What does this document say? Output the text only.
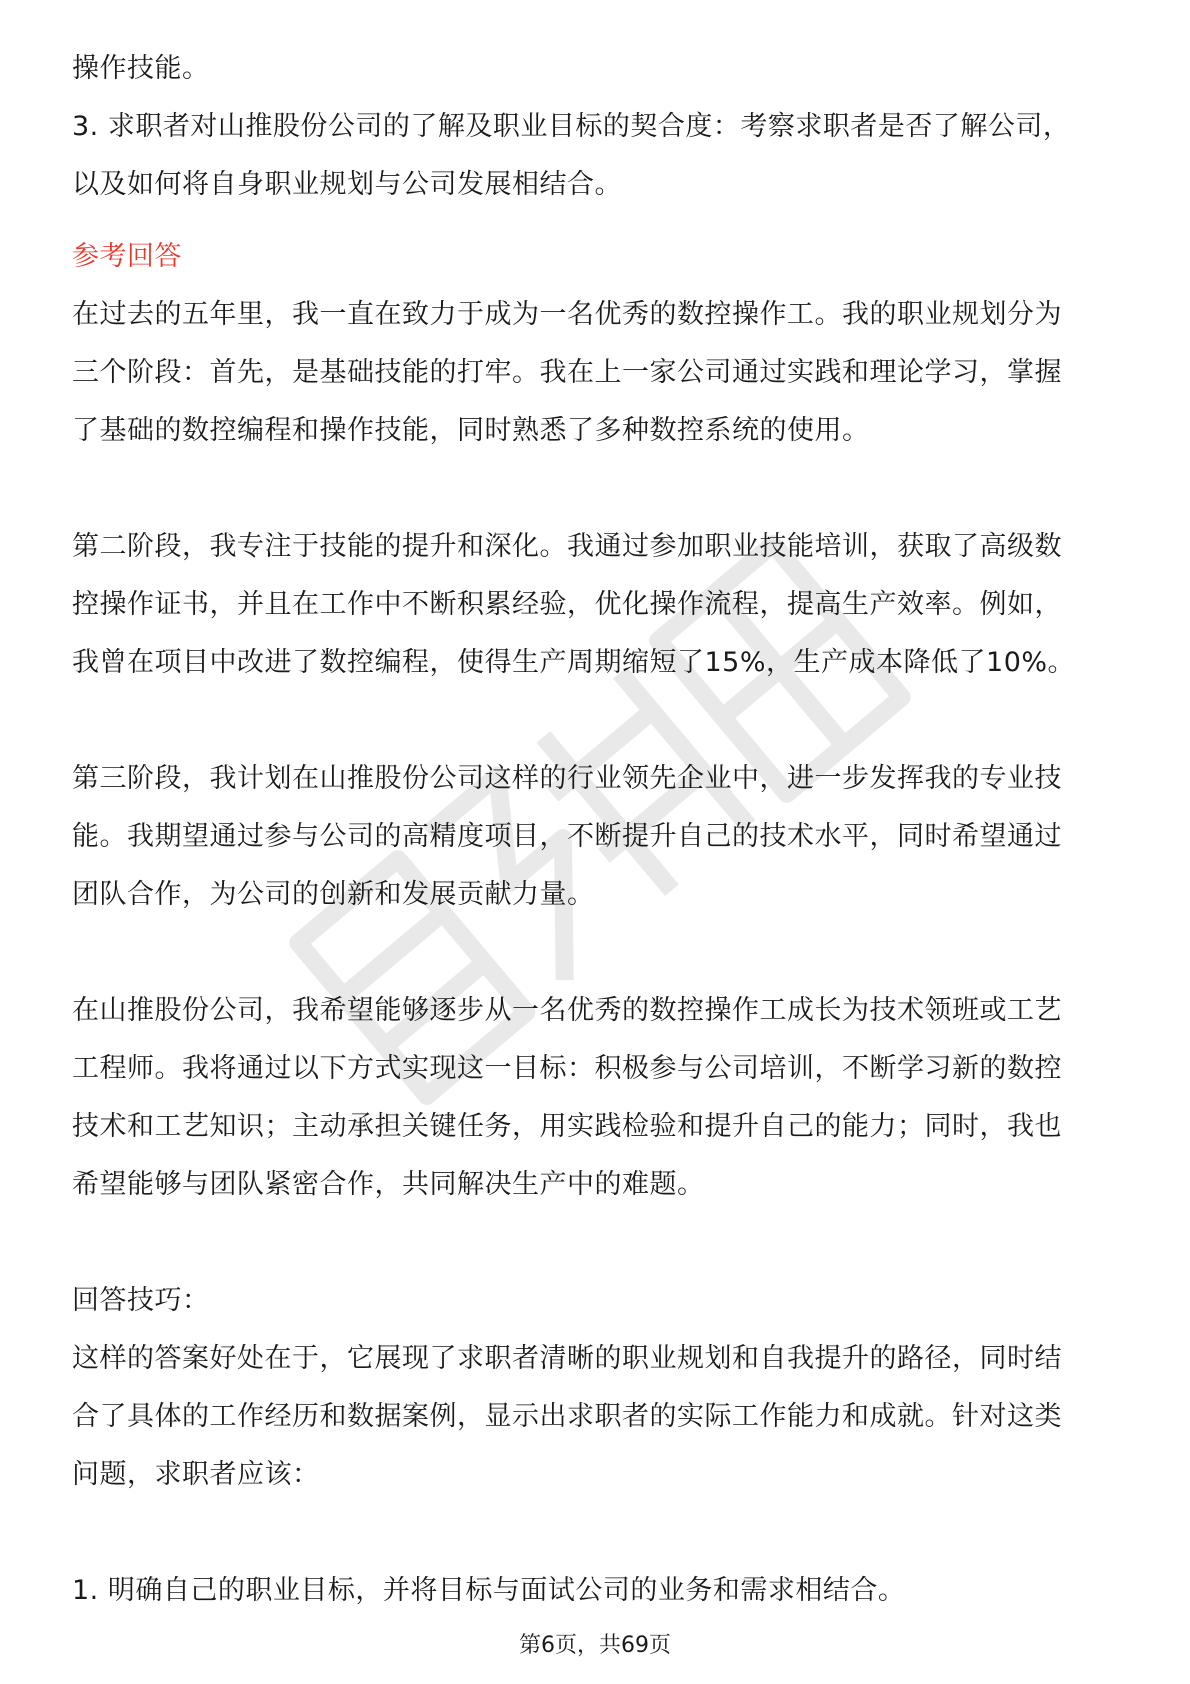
操作技能。
3. 求职者对山推股份公司的了解及职业目标的契合度：考察求职者是否了解公司，
以及如何将自身职业规划与公司发展相结合。
参考回答
在过去的五年里，我一直在致力于成为一名优秀的数控操作工。我的职业规划分为
三个阶段：首先，是基础技能的打牢。我在上一家公司通过实践和理论学习，掌握
了基础的数控编程和操作技能，同时熟悉了多种数控系统的使用。
第二阶段，我专注于技能的提升和深化。我通过参加职业技能培训，获取了高级数
控操作证书，并且在工作中不断积累经验，优化操作流程，提高生产效率。例如，
我曾在项目中改进了数控编程，使得生产周期缩短了15%，生产成本降低了10%。
第三阶段，我计划在山推股份公司这样的行业领先企业中，进一步发挥我的专业技
能。我期望通过参与公司的高精度项目，不断提升自己的技术水平，同时希望通过
团队合作，为公司的创新和发展贡献力量。
在山推股份公司，我希望能够逐步从一名优秀的数控操作工成长为技术领班或工艺
工程师。我将通过以下方式实现这一目标：积极参与公司培训，不断学习新的数控
技术和工艺知识；主动承担关键任务，用实践检验和提升自己的能力；同时，我也
希望能够与团队紧密合作，共同解决生产中的难题。
回答技巧：
这样的答案好处在于，它展现了求职者清晰的职业规划和自我提升的路径，同时结
合了具体的工作经历和数据案例，显示出求职者的实际工作能力和成就。针对这类
问题，求职者应该：
1. 明确自己的职业目标，并将目标与面试公司的业务和需求相结合。
第6页，共69页
